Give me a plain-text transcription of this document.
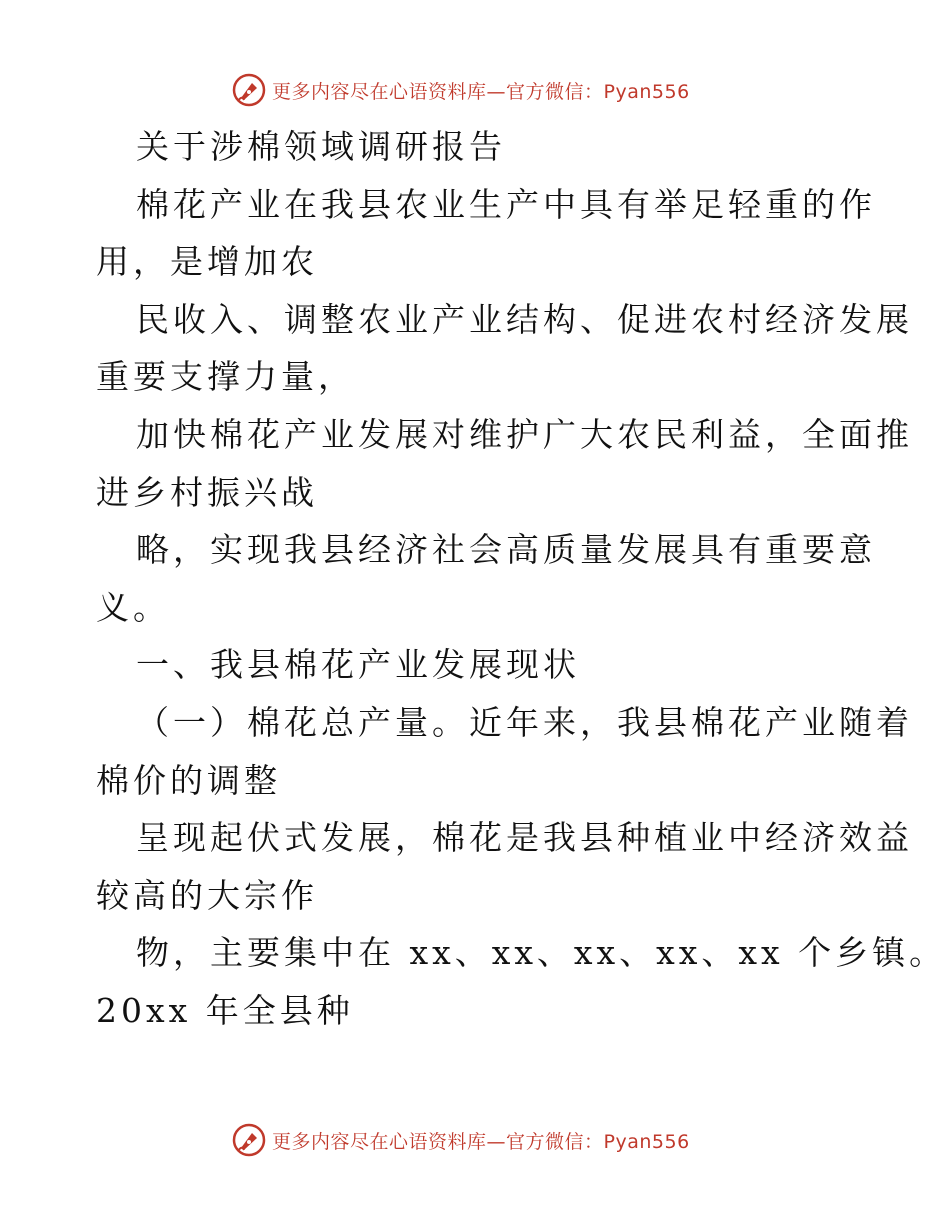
更多内容尽在心语资料库— 官方微信：Pyan556
关于涉棉领域调研报告
棉花产业在我县农业生产中具有举足轻重的作
用，是增加农
民收入、调整农业产业结构、促进农村经济发展
重要支撑力量，
加快棉花产业发展对维护广大农民利益，全面推
进乡村振兴战
略，实现我县经济社会高质量发展具有重要意
义。
一、我县棉花产业发展现状
（一）棉花总产量。近年来，我县棉花产业随着
棉价的调整
呈现起伏式发展，棉花是我县种植业中经济效益
较高的大宗作
物，主要集中在 xx、xx、xx、xx、xx 个乡镇。
20xx 年全县种
更多内容尽在心语资料库— 官方微信：Pyan556
